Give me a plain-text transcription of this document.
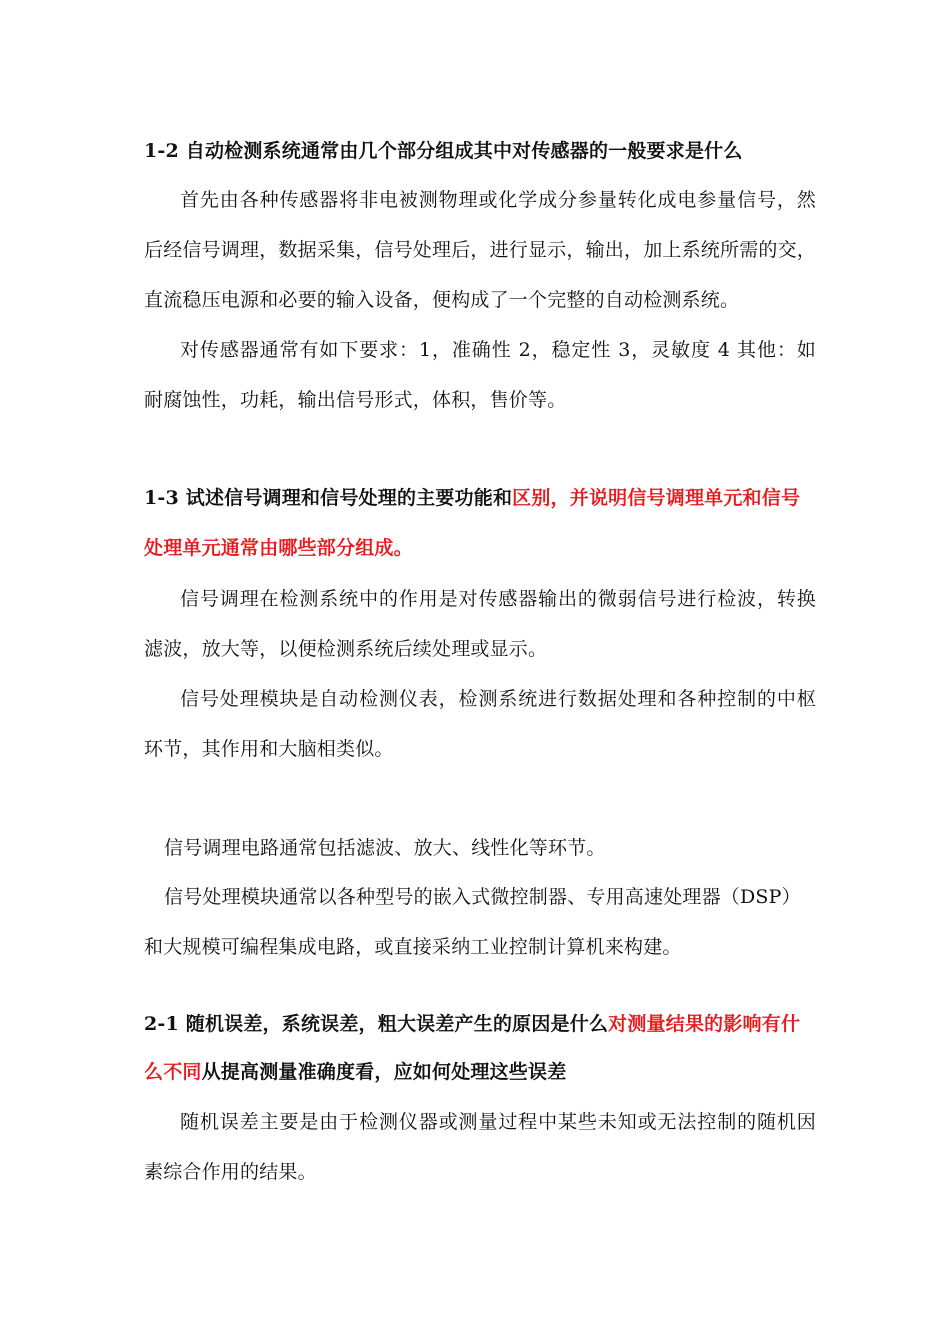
1-2 自动检测系统通常由几个部分组成其中对传感器的一般要求是什么
首先由各种传感器将非电被测物理或化学成分参量转化成电参量信号，然
后经信号调理，数据采集，信号处理后，进行显示，输出，加上系统所需的交，
直流稳压电源和必要的输入设备，便构成了一个完整的自动检测系统。
对传感器通常有如下要求：1，准确性 2，稳定性 3，灵敏度 4 其他：如
耐腐蚀性，功耗，输出信号形式，体积，售价等。
1-3 试述信号调理和信号处理的主要功能和区别，并说明信号调理单元和信号
处理单元通常由哪些部分组成。
信号调理在检测系统中的作用是对传感器输出的微弱信号进行检波，转换
滤波，放大等，以便检测系统后续处理或显示。
信号处理模块是自动检测仪表，检测系统进行数据处理和各种控制的中枢
环节，其作用和大脑相类似。
信号调理电路通常包括滤波、放大、线性化等环节。
信号处理模块通常以各种型号的嵌入式微控制器、专用高速处理器（DSP）
和大规模可编程集成电路，或直接采纳工业控制计算机来构建。
2-1 随机误差，系统误差，粗大误差产生的原因是什么对测量结果的影响有什
么不同从提高测量准确度看，应如何处理这些误差
随机误差主要是由于检测仪器或测量过程中某些未知或无法控制的随机因
素综合作用的结果。
